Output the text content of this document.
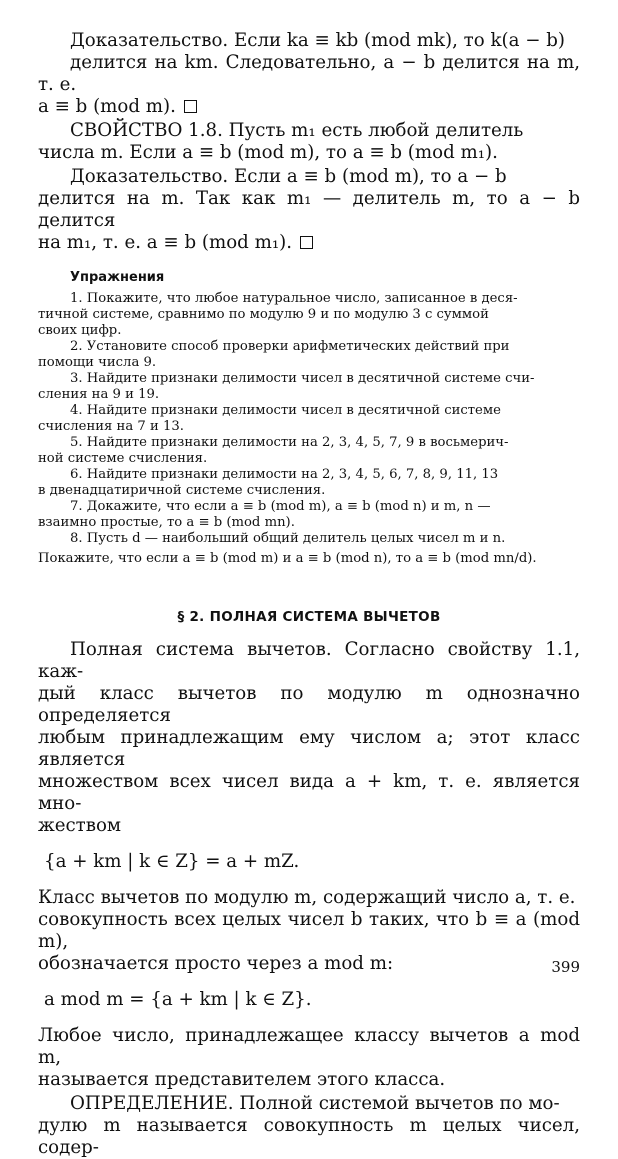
Доказательство. Если ka ≡ kb (mod mk), то k(a − b)

делится на km. Следовательно, a − b делится на m, т. е.

a ≡ b (mod m).

СВОЙСТВО 1.8. Пусть m₁ есть любой делитель

числа m. Если a ≡ b (mod m), то a ≡ b (mod m₁).

Доказательство. Если a ≡ b (mod m), то a − b

делится на m. Так как m₁ — делитель m, то a − b делится

на m₁, т. е. a ≡ b (mod m₁).

Упражнения

1. Покажите, что любое натуральное число, записанное в деся-

тичной системе, сравнимо по модулю 9 и по модулю 3 с суммой

своих цифр.

2. Установите способ проверки арифметических действий при

помощи числа 9.

3. Найдите признаки делимости чисел в десятичной системе счи-

сления на 9 и 19.

4. Найдите признаки делимости чисел в десятичной системе

счисления на 7 и 13.

5. Найдите признаки делимости на 2, 3, 4, 5, 7, 9 в восьмерич-

ной системе счисления.

6. Найдите признаки делимости на 2, 3, 4, 5, 6, 7, 8, 9, 11, 13

в двенадцатиричной системе счисления.

7. Докажите, что если a ≡ b (mod m), a ≡ b (mod n) и m, n —

взаимно простые, то a ≡ b (mod mn).

8. Пусть d — наибольший общий делитель целых чисел m и n.

Покажите, что если a ≡ b (mod m) и a ≡ b (mod n), то a ≡ b (mod mn/d).

§ 2. ПОЛНАЯ СИСТЕМА ВЫЧЕТОВ

Полная система вычетов. Согласно свойству 1.1, каж-

дый класс вычетов по модулю m однозначно определяется

любым принадлежащим ему числом a; этот класс является

множеством всех чисел вида a + km, т. е. является мно-

жеством

{a + km | k ∈ Z} = a + mZ.

Класс вычетов по модулю m, содержащий число a, т. е.

совокупность всех целых чисел b таких, что b ≡ a (mod m),

обозначается просто через a mod m:

a mod m = {a + km | k ∈ Z}.

Любое число, принадлежащее классу вычетов a mod m,

называется представителем этого класса.

ОПРЕДЕЛЕНИЕ. Полной системой вычетов по мо-

дулю m называется совокупность m целых чисел, содер-

399
